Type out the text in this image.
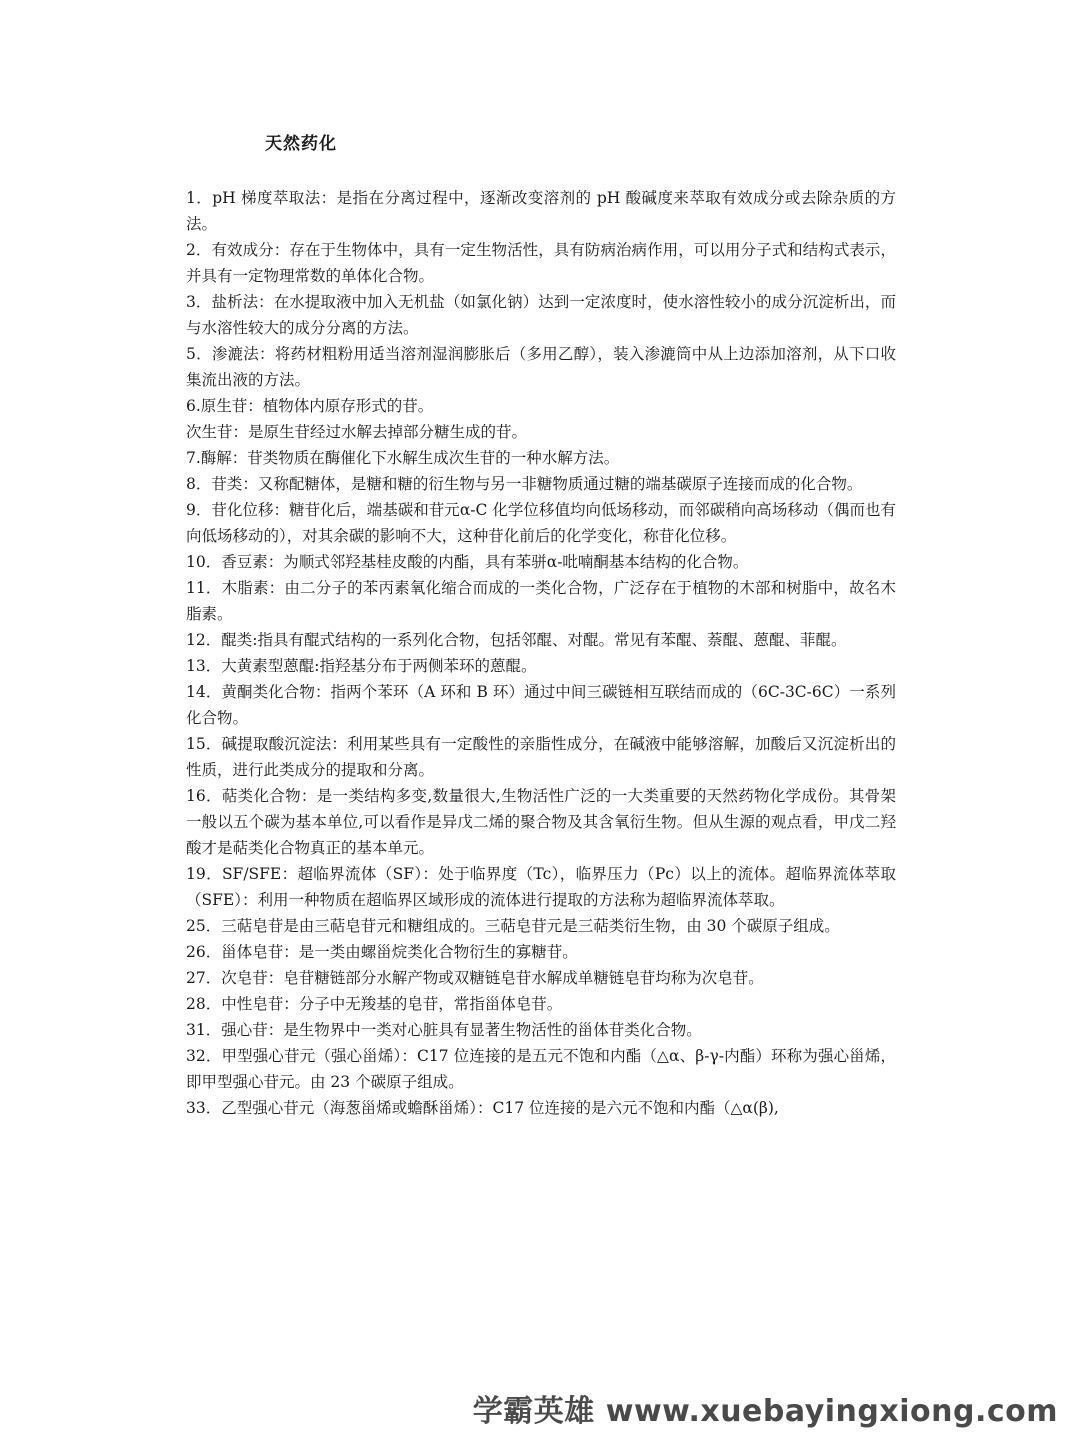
天然药化

1．pH 梯度萃取法：是指在分离过程中，逐渐改变溶剂的 pH 酸碱度来萃取有效成分或去除杂质的方法。

2．有效成分：存在于生物体中，具有一定生物活性，具有防病治病作用，可以用分子式和结构式表示，并具有一定物理常数的单体化合物。

3．盐析法：在水提取液中加入无机盐（如氯化钠）达到一定浓度时，使水溶性较小的成分沉淀析出，而与水溶性较大的成分分离的方法。

5．渗漉法：将药材粗粉用适当溶剂湿润膨胀后（多用乙醇），装入渗漉筒中从上边添加溶剂，从下口收集流出液的方法。

6.原生苷：植物体内原存形式的苷。

次生苷：是原生苷经过水解去掉部分糖生成的苷。

7.酶解：苷类物质在酶催化下水解生成次生苷的一种水解方法。

8．苷类：又称配糖体，是糖和糖的衍生物与另一非糖物质通过糖的端基碳原子连接而成的化合物。

9．苷化位移：糖苷化后，端基碳和苷元α-C 化学位移值均向低场移动，而邻碳稍向高场移动（偶而也有向低场移动的），对其余碳的影响不大，这种苷化前后的化学变化，称苷化位移。

10．香豆素：为顺式邻羟基桂皮酸的内酯，具有苯骈α-吡喃酮基本结构的化合物。

11．木脂素：由二分子的苯丙素氧化缩合而成的一类化合物，广泛存在于植物的木部和树脂中，故名木脂素。

12．醌类:指具有醌式结构的一系列化合物，包括邻醌、对醌。常见有苯醌、萘醌、蒽醌、菲醌。

13．大黄素型蒽醌:指羟基分布于两侧苯环的蒽醌。

14．黄酮类化合物：指两个苯环（A 环和 B 环）通过中间三碳链相互联结而成的（6C-3C-6C）一系列化合物。

15．碱提取酸沉淀法：利用某些具有一定酸性的亲脂性成分，在碱液中能够溶解，加酸后又沉淀析出的性质，进行此类成分的提取和分离。

16．萜类化合物：是一类结构多变,数量很大,生物活性广泛的一大类重要的天然药物化学成份。其骨架一般以五个碳为基本单位,可以看作是异戊二烯的聚合物及其含氧衍生物。但从生源的观点看，甲戊二羟酸才是萜类化合物真正的基本单元。

19．SF/SFE：超临界流体（SF）：处于临界度（Tc），临界压力（Pc）以上的流体。超临界流体萃取（SFE）：利用一种物质在超临界区域形成的流体进行提取的方法称为超临界流体萃取。

25．三萜皂苷是由三萜皂苷元和糖组成的。三萜皂苷元是三萜类衍生物，由 30 个碳原子组成。

26．甾体皂苷：是一类由螺甾烷类化合物衍生的寡糖苷。

27．次皂苷：皂苷糖链部分水解产物或双糖链皂苷水解成单糖链皂苷均称为次皂苷。

28．中性皂苷：分子中无羧基的皂苷，常指甾体皂苷。

31．强心苷：是生物界中一类对心脏具有显著生物活性的甾体苷类化合物。

32．甲型强心苷元（强心甾烯）：C17 位连接的是五元不饱和内酯（△α、β-γ-内酯）环称为强心甾烯，即甲型强心苷元。由 23 个碳原子组成。

33．乙型强心苷元（海葱甾烯或蟾酥甾烯）：C17 位连接的是六元不饱和内酯（△α(β),

学霸英雄 www.xuebayingxiong.com
